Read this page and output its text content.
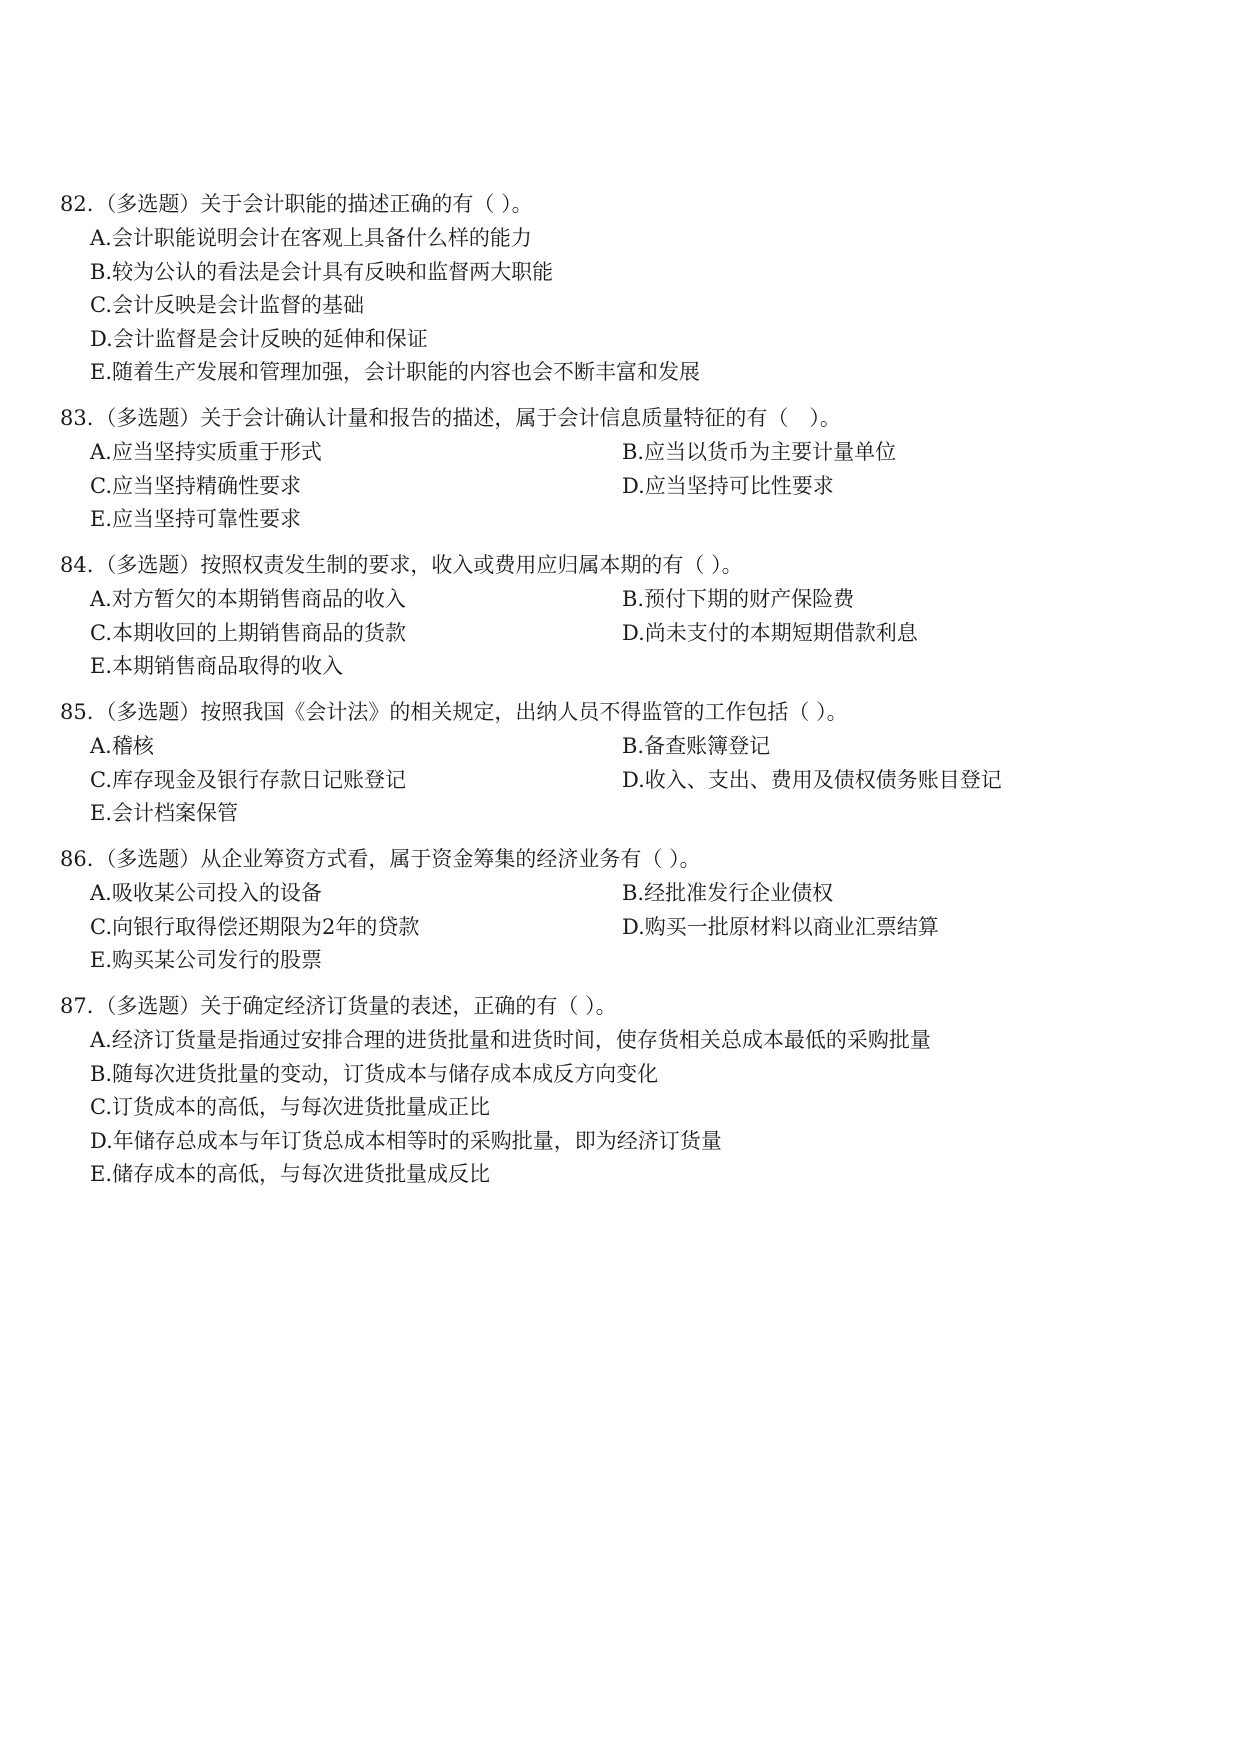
82.（多选题）关于会计职能的描述正确的有（ ）。
A.会计职能说明会计在客观上具备什么样的能力
B.较为公认的看法是会计具有反映和监督两大职能
C.会计反映是会计监督的基础
D.会计监督是会计反映的延伸和保证
E.随着生产发展和管理加强，会计职能的内容也会不断丰富和发展
83.（多选题）关于会计确认计量和报告的描述，属于会计信息质量特征的有（　）。
A.应当坚持实质重于形式	B.应当以货币为主要计量单位
C.应当坚持精确性要求	D.应当坚持可比性要求
E.应当坚持可靠性要求
84.（多选题）按照权责发生制的要求，收入或费用应归属本期的有（ ）。
A.对方暂欠的本期销售商品的收入	B.预付下期的财产保险费
C.本期收回的上期销售商品的货款	D.尚未支付的本期短期借款利息
E.本期销售商品取得的收入
85.（多选题）按照我国《会计法》的相关规定，出纳人员不得监管的工作包括（ ）。
A.稽核	B.备查账簿登记
C.库存现金及银行存款日记账登记	D.收入、支出、费用及债权债务账目登记
E.会计档案保管
86.（多选题）从企业筹资方式看，属于资金筹集的经济业务有（ ）。
A.吸收某公司投入的设备	B.经批准发行企业债权
C.向银行取得偿还期限为2年的贷款	D.购买一批原材料以商业汇票结算
E.购买某公司发行的股票
87.（多选题）关于确定经济订货量的表述，正确的有（ ）。
A.经济订货量是指通过安排合理的进货批量和进货时间，使存货相关总成本最低的采购批量
B.随每次进货批量的变动，订货成本与储存成本成反方向变化
C.订货成本的高低，与每次进货批量成正比
D.年储存总成本与年订货总成本相等时的采购批量，即为经济订货量
E.储存成本的高低，与每次进货批量成反比
